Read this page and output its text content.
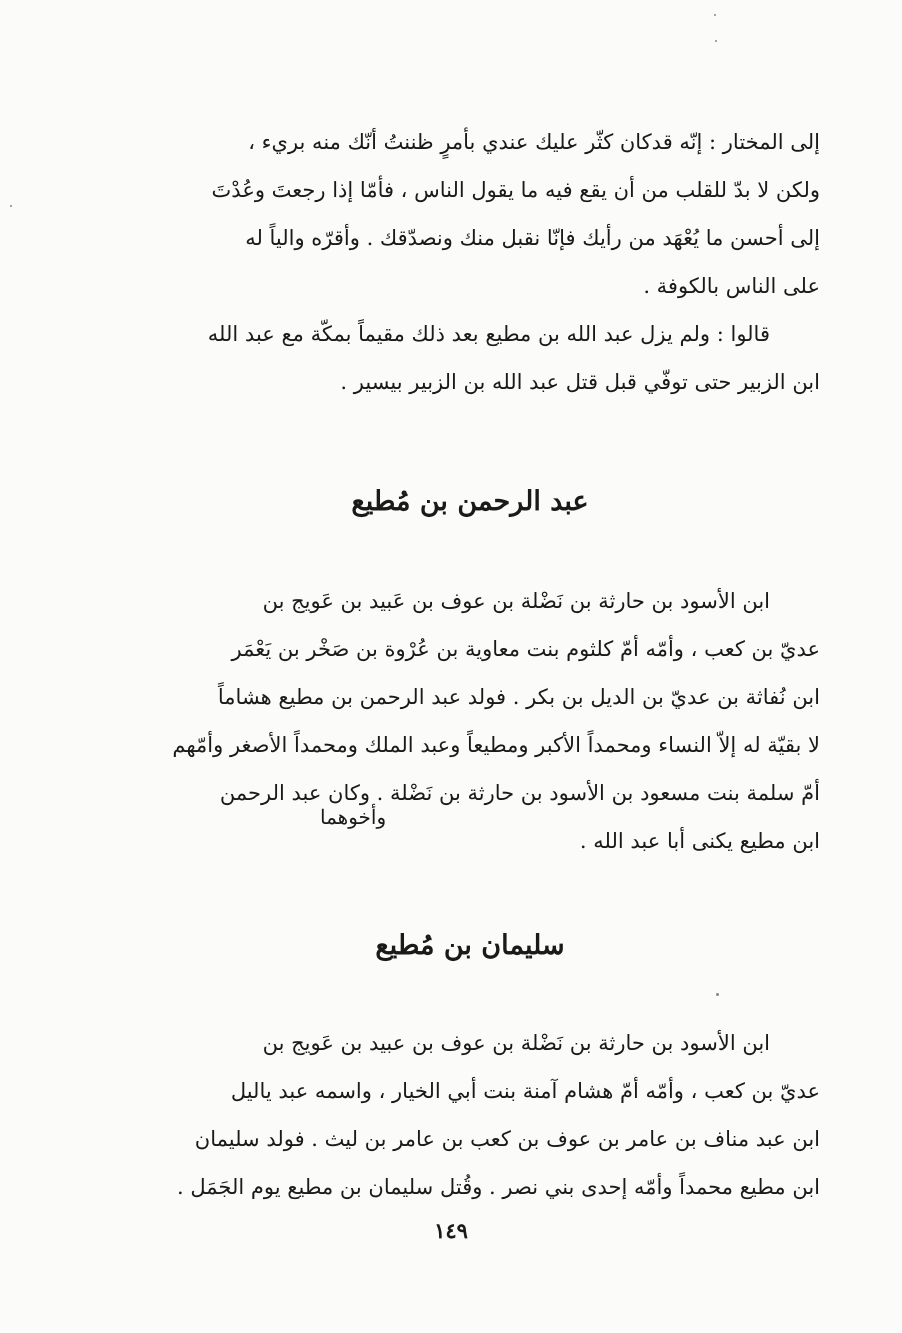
إلى المختار : إنّه قدكان كثّر عليك عندي بأمرٍ ظننتُ أنّك منه بريء ،
ولكن لا بدّ للقلب من أن يقع فيه ما يقول الناس ، فأمّا إذا رجعتَ وعُدْتَ
إلى أحسن ما يُعْهَد من رأيك فإنّا نقبل منك ونصدّقك . وأقرّه والياً له
على الناس بالكوفة .
قالوا : ولم يزل عبد الله بن مطيع بعد ذلك مقيماً بمكّة مع عبد الله
ابن الزبير حتى توفّي قبل قتل عبد الله بن الزبير بيسير .
عبد الرحمن بن مُطيع
ابن الأسود بن حارثة بن نَضْلة بن عوف بن عَبيد بن عَويج بن
عديّ بن كعب ، وأمّه أمّ كلثوم بنت معاوية بن عُرْوة بن صَخْر بن يَعْمَر
ابن نُفاثة بن عديّ بن الديل بن بكر . فولد عبد الرحمن بن مطيع هشاماً
لا بقيّة له إلاّ النساء ومحمداً الأكبر ومطيعاً وعبد الملك ومحمداً الأصغر وأمّهم
أمّ سلمة بنت مسعود بن الأسود بن حارثة بن نَضْلة . وكان عبد الرحمن
ابن مطيع يكنى أبا عبد الله .
وأخوهما
سليمان بن مُطيع
ابن الأسود بن حارثة بن نَضْلة بن عوف بن عبيد بن عَويج بن
عديّ بن كعب ، وأمّه أمّ هشام آمنة بنت أبي الخيار ، واسمه عبد ياليل
ابن عبد مناف بن عامر بن عوف بن كعب بن عامر بن ليث . فولد سليمان
ابن مطيع محمداً وأمّه إحدى بني نصر . وقُتل سليمان بن مطيع يوم الجَمَل .
١٤٩
